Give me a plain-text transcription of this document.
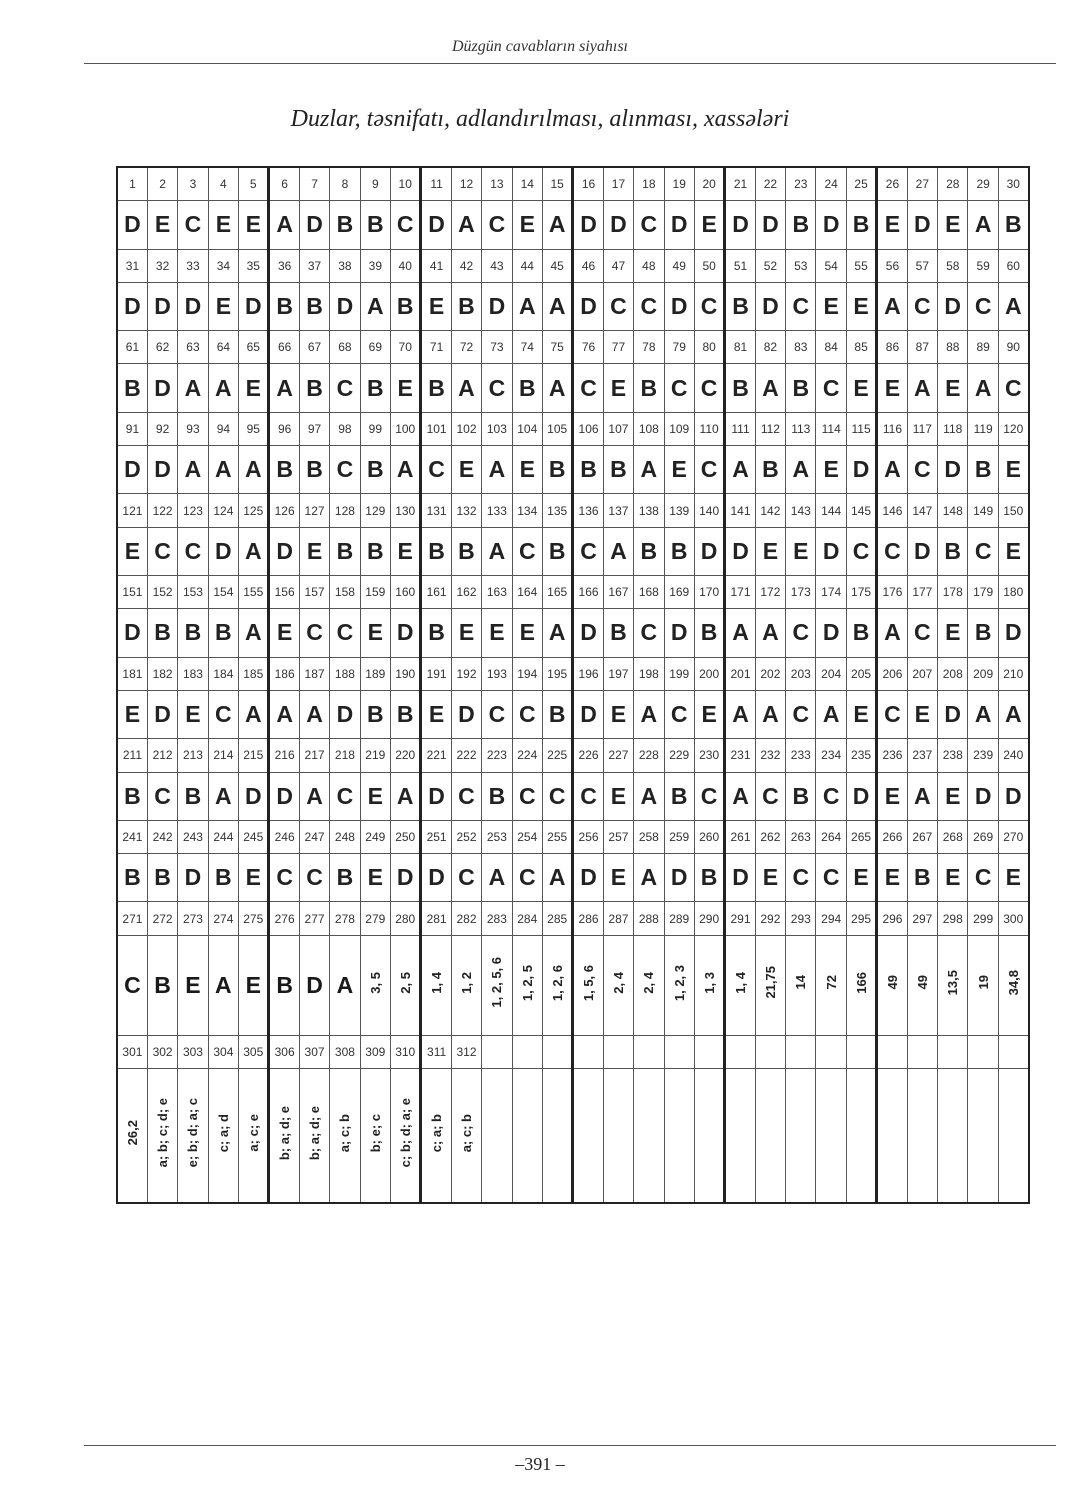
Düzgün cavabların siyahısı
Duzlar, təsnifatı, adlandırılması, alınması, xassələri
1	2	3	4	5	6	7	8	9	10	11	12	13	14	15	16	17	18	19	20	21	22	23	24	25	26	27	28	29	30
D	E	C	E	E	A	D	B	B	C	D	A	C	E	A	D	D	C	D	E	D	D	B	D	B	E	D	E	A	B
31	32	33	34	35	36	37	38	39	40	41	42	43	44	45	46	47	48	49	50	51	52	53	54	55	56	57	58	59	60
D	D	D	E	D	B	B	D	A	B	E	B	D	A	A	D	C	C	D	C	B	D	C	E	E	A	C	D	C	A
61	62	63	64	65	66	67	68	69	70	71	72	73	74	75	76	77	78	79	80	81	82	83	84	85	86	87	88	89	90
B	D	A	A	E	A	B	C	B	E	B	A	C	B	A	C	E	B	C	C	B	A	B	C	E	E	A	E	A	C
91	92	93	94	95	96	97	98	99	100	101	102	103	104	105	106	107	108	109	110	111	112	113	114	115	116	117	118	119	120
D	D	A	A	A	B	B	C	B	A	C	E	A	E	B	B	B	A	E	C	A	B	A	E	D	A	C	D	B	E
121	122	123	124	125	126	127	128	129	130	131	132	133	134	135	136	137	138	139	140	141	142	143	144	145	146	147	148	149	150
E	C	C	D	A	D	E	B	B	E	B	B	A	C	B	C	A	B	B	D	D	E	E	D	C	C	D	B	C	E
151	152	153	154	155	156	157	158	159	160	161	162	163	164	165	166	167	168	169	170	171	172	173	174	175	176	177	178	179	180
D	B	B	B	A	E	C	C	E	D	B	E	E	E	A	D	B	C	D	B	A	A	C	D	B	A	C	E	B	D
181	182	183	184	185	186	187	188	189	190	191	192	193	194	195	196	197	198	199	200	201	202	203	204	205	206	207	208	209	210
E	D	E	C	A	A	A	D	B	B	E	D	C	C	B	D	E	A	C	E	A	A	C	A	E	C	E	D	A	A
211	212	213	214	215	216	217	218	219	220	221	222	223	224	225	226	227	228	229	230	231	232	233	234	235	236	237	238	239	240
B	C	B	A	D	D	A	C	E	A	D	C	B	C	C	C	E	A	B	C	A	C	B	C	D	E	A	E	D	D
241	242	243	244	245	246	247	248	249	250	251	252	253	254	255	256	257	258	259	260	261	262	263	264	265	266	267	268	269	270
B	B	D	B	E	C	C	B	E	D	D	C	A	C	A	D	E	A	D	B	D	E	C	C	E	E	B	E	C	E
271	272	273	274	275	276	277	278	279	280	281	282	283	284	285	286	287	288	289	290	291	292	293	294	295	296	297	298	299	300
C	B	E	A	E	B	D	A	3, 5	2, 5	1, 4	1, 2	1, 2, 5, 6	1, 2, 5	1, 2, 6	1, 5, 6	2, 4	2, 4	1, 2, 3	1, 3	1, 4	21,75	14	72	166	49	49	13,5	19	34,8
301	302	303	304	305	306	307	308	309	310	311	312																		
26,2	a; b; c; d; e	e; b; d; a; c	c; a; d	a; c; e	b; a; d; e	b; a; d; e	a; c; b	b; e; c	c; b; d; a; e	c; a; b	a; c; b																		
–391 –
